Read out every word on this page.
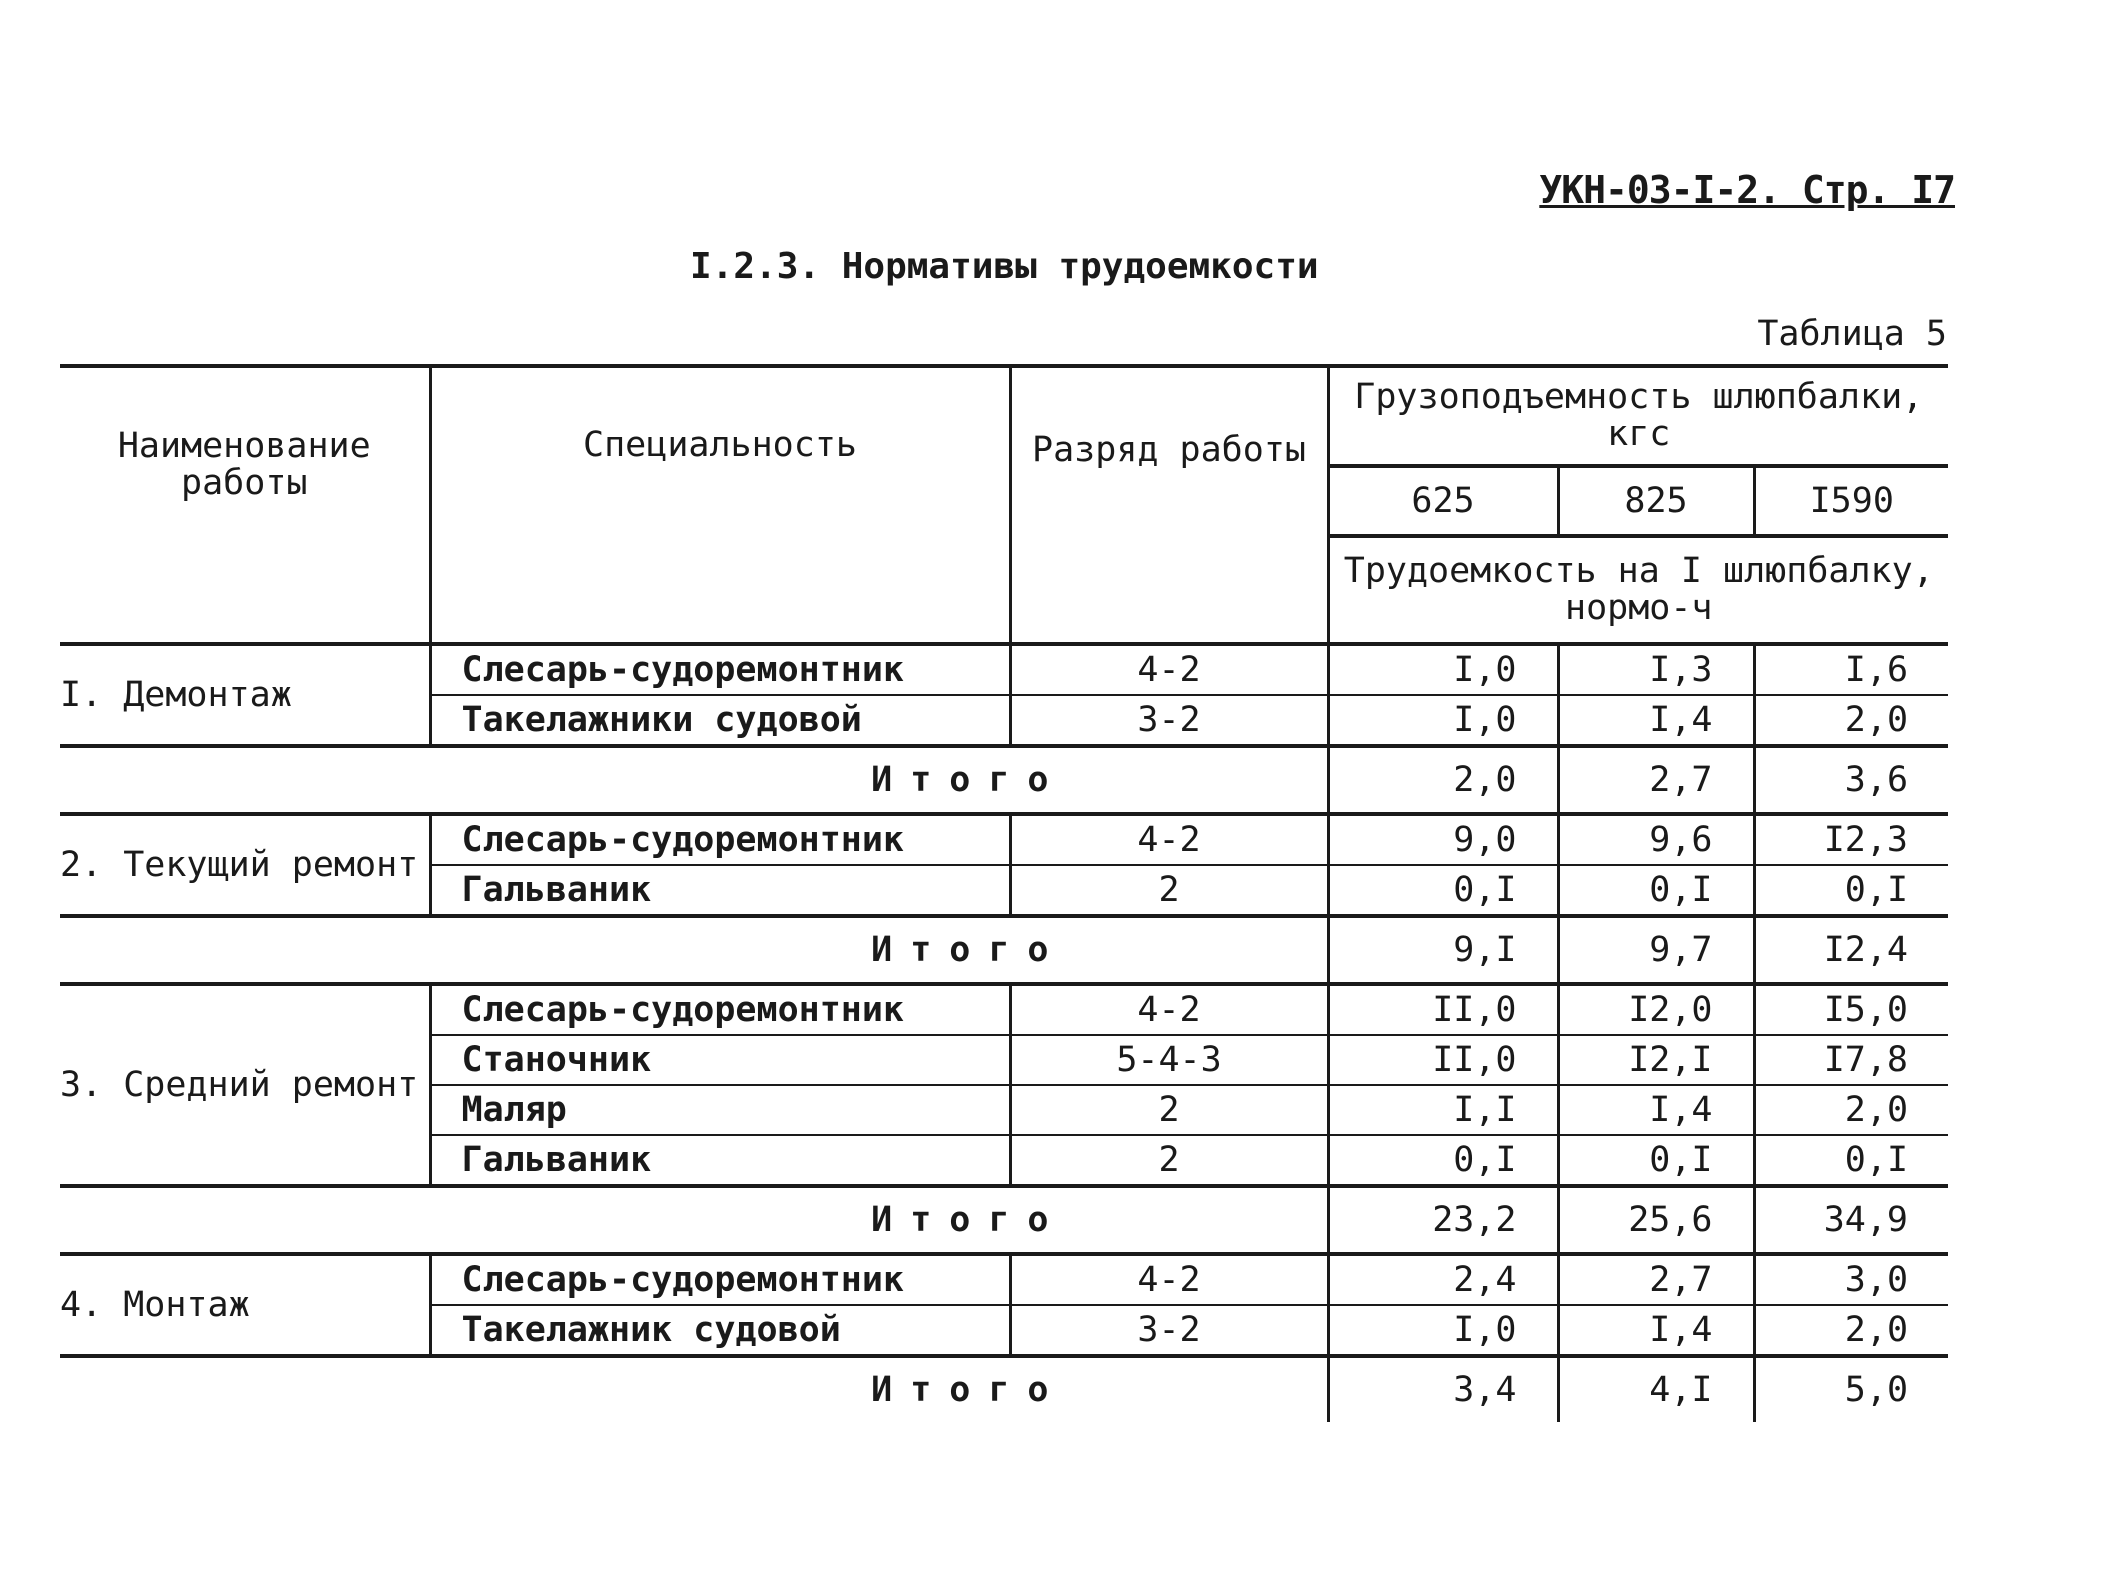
УКН-03-I-2. Стр. I7
I.2.3. Нормативы трудоемкости
Таблица 5
Наименование работы	Специальность	Разряд работы	Грузоподъемность шлюпбалки, кгс		
			625	825	I590
			Трудоемкость на I шлюпбалку, нормо-ч		
I. Демонтаж	Слесарь-судоремонтник	4-2	I,0	I,3	I,6
	Такелажники судовой	3-2	I,0	I,4	2,0
Итого			2,0	2,7	3,6
2. Текущий ремонт	Слесарь-судоремонтник	4-2	9,0	9,6	I2,3
	Гальваник	2	0,I	0,I	0,I
Итого			9,I	9,7	I2,4
3. Средний ремонт	Слесарь-судоремонтник	4-2	II,0	I2,0	I5,0
	Станочник	5-4-3	II,0	I2,I	I7,8
	Маляр	2	I,I	I,4	2,0
	Гальваник	2	0,I	0,I	0,I
Итого			23,2	25,6	34,9
4. Монтаж	Слесарь-судоремонтник	4-2	2,4	2,7	3,0
	Такелажник судовой	3-2	I,0	I,4	2,0
Итого			3,4	4,I	5,0
